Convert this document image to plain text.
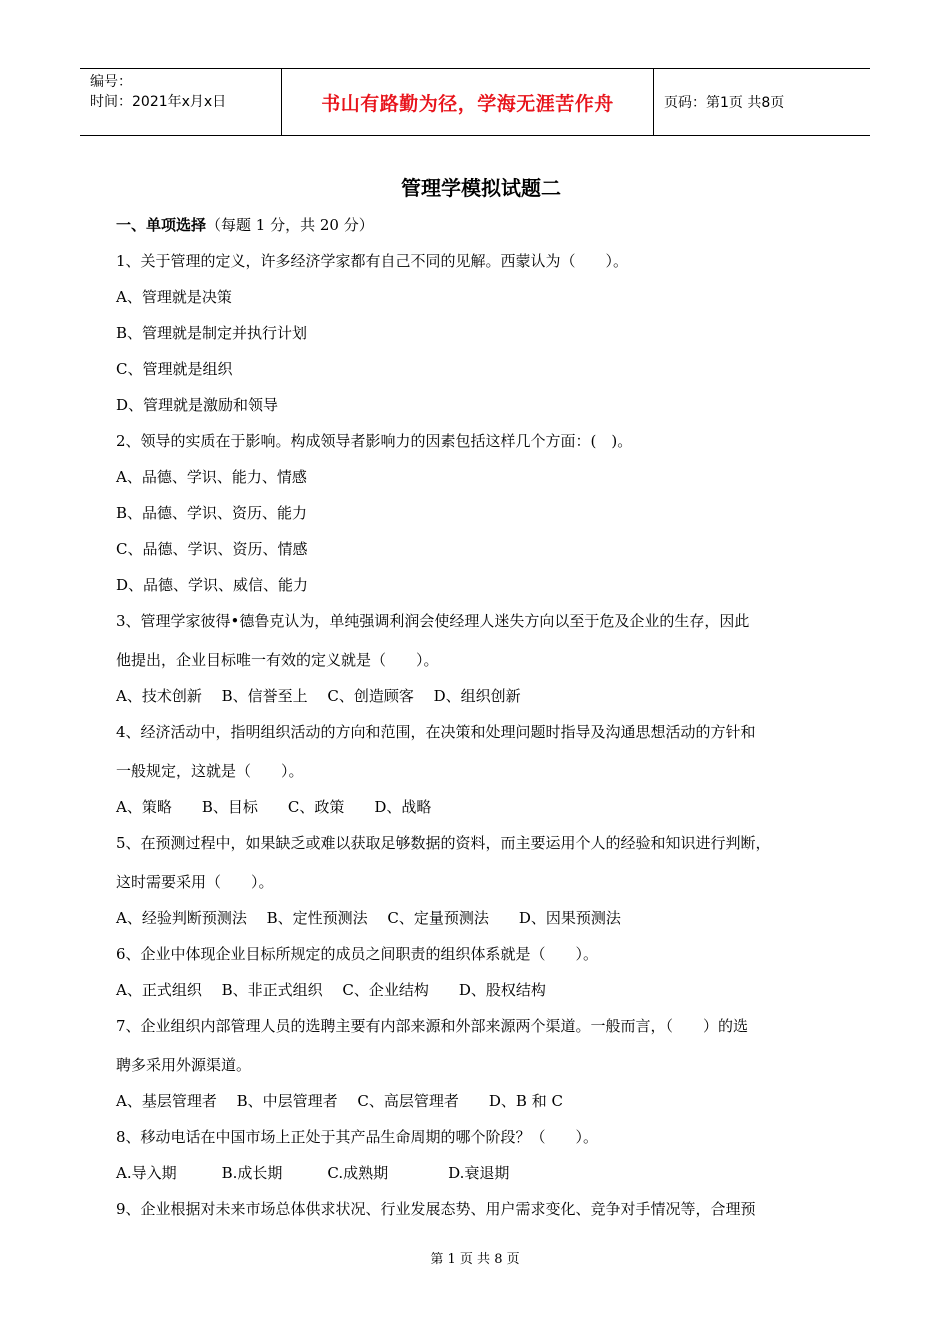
编号：
时间：2021年x月x日	书山有路勤为径，学海无涯苦作舟	页码：第1页 共8页
管理学模拟试题二
一、单项选择（每题 1 分，共 20 分）
1、关于管理的定义，许多经济学家都有自己不同的见解。西蒙认为（　　）。
A、管理就是决策
B、管理就是制定并执行计划
C、管理就是组织
D、管理就是激励和领导
2、领导的实质在于影响。构成领导者影响力的因素包括这样几个方面：(　)。
A、品德、学识、能力、情感
B、品德、学识、资历、能力
C、品德、学识、资历、情感
D、品德、学识、威信、能力
3、管理学家彼得•德鲁克认为，单纯强调利润会使经理人迷失方向以至于危及企业的生存，因此
他提出，企业目标唯一有效的定义就是（　　）。
A、技术创新　 B、信誉至上　 C、创造顾客　 D、组织创新
4、经济活动中，指明组织活动的方向和范围，在决策和处理问题时指导及沟通思想活动的方针和
一般规定，这就是（　　）。
A、策略　　B、目标　　C、政策　　D、战略
5、在预测过程中，如果缺乏或难以获取足够数据的资料，而主要运用个人的经验和知识进行判断，
这时需要采用（　　）。
A、经验判断预测法　 B、定性预测法　 C、定量预测法　　D、因果预测法
6、企业中体现企业目标所规定的成员之间职责的组织体系就是（　　）。
A、正式组织　 B、非正式组织　 C、企业结构　　D、股权结构
7、企业组织内部管理人员的选聘主要有内部来源和外部来源两个渠道。一般而言，（　　）的选
聘多采用外源渠道。
A、基层管理者　 B、中层管理者　 C、高层管理者　　D、B 和 C
8、移动电话在中国市场上正处于其产品生命周期的哪个阶段？（　　）。
A.导入期　　　B.成长期　　　C.成熟期　　　　D.衰退期
9、企业根据对未来市场总体供求状况、行业发展态势、用户需求变化、竞争对手情况等，合理预
第 1 页 共 8 页
